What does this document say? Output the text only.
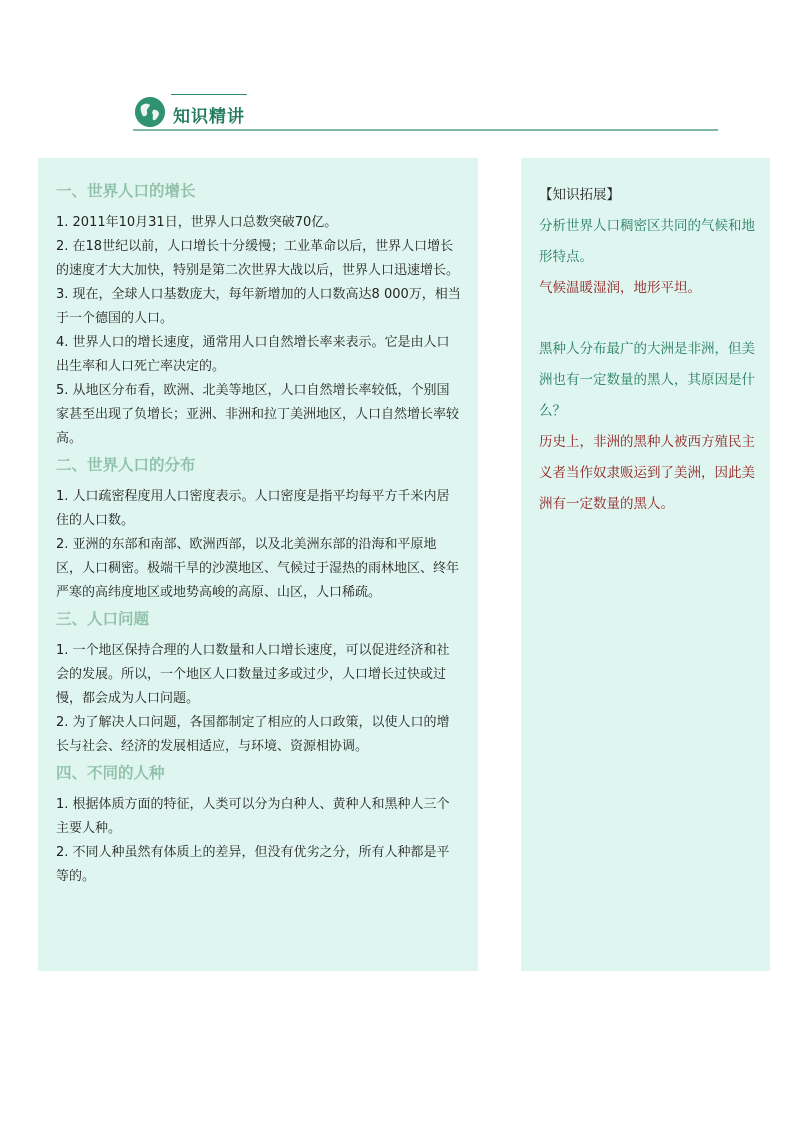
知识精讲
一、世界人口的增长
1. 2011年10月31日，世界人口总数突破70亿。
2. 在18世纪以前，人口增长十分缓慢；工业革命以后，世界人口增长的速度才大大加快，特别是第二次世界大战以后，世界人口迅速增长。
3. 现在，全球人口基数庞大，每年新增加的人口数高达8 000万，相当于一个德国的人口。
4. 世界人口的增长速度，通常用人口自然增长率来表示。它是由人口出生率和人口死亡率决定的。
5. 从地区分布看，欧洲、北美等地区，人口自然增长率较低，个别国家甚至出现了负增长；亚洲、非洲和拉丁美洲地区，人口自然增长率较高。
二、世界人口的分布
1. 人口疏密程度用人口密度表示。人口密度是指平均每平方千米内居住的人口数。
2. 亚洲的东部和南部、欧洲西部，以及北美洲东部的沿海和平原地区，人口稠密。极端干旱的沙漠地区、气候过于湿热的雨林地区、终年严寒的高纬度地区或地势高峻的高原、山区，人口稀疏。
三、人口问题
1. 一个地区保持合理的人口数量和人口增长速度，可以促进经济和社会的发展。所以，一个地区人口数量过多或过少，人口增长过快或过慢，都会成为人口问题。
2. 为了解决人口问题，各国都制定了相应的人口政策，以使人口的增长与社会、经济的发展相适应，与环境、资源相协调。
四、不同的人种
1. 根据体质方面的特征，人类可以分为白种人、黄种人和黑种人三个主要人种。
2. 不同人种虽然有体质上的差异，但没有优劣之分，所有人种都是平等的。
【知识拓展】
分析世界人口稠密区共同的气候和地形特点。
气候温暖湿润，地形平坦。
黑种人分布最广的大洲是非洲，但美洲也有一定数量的黑人，其原因是什么？
历史上，非洲的黑种人被西方殖民主义者当作奴隶贩运到了美洲，因此美洲有一定数量的黑人。
